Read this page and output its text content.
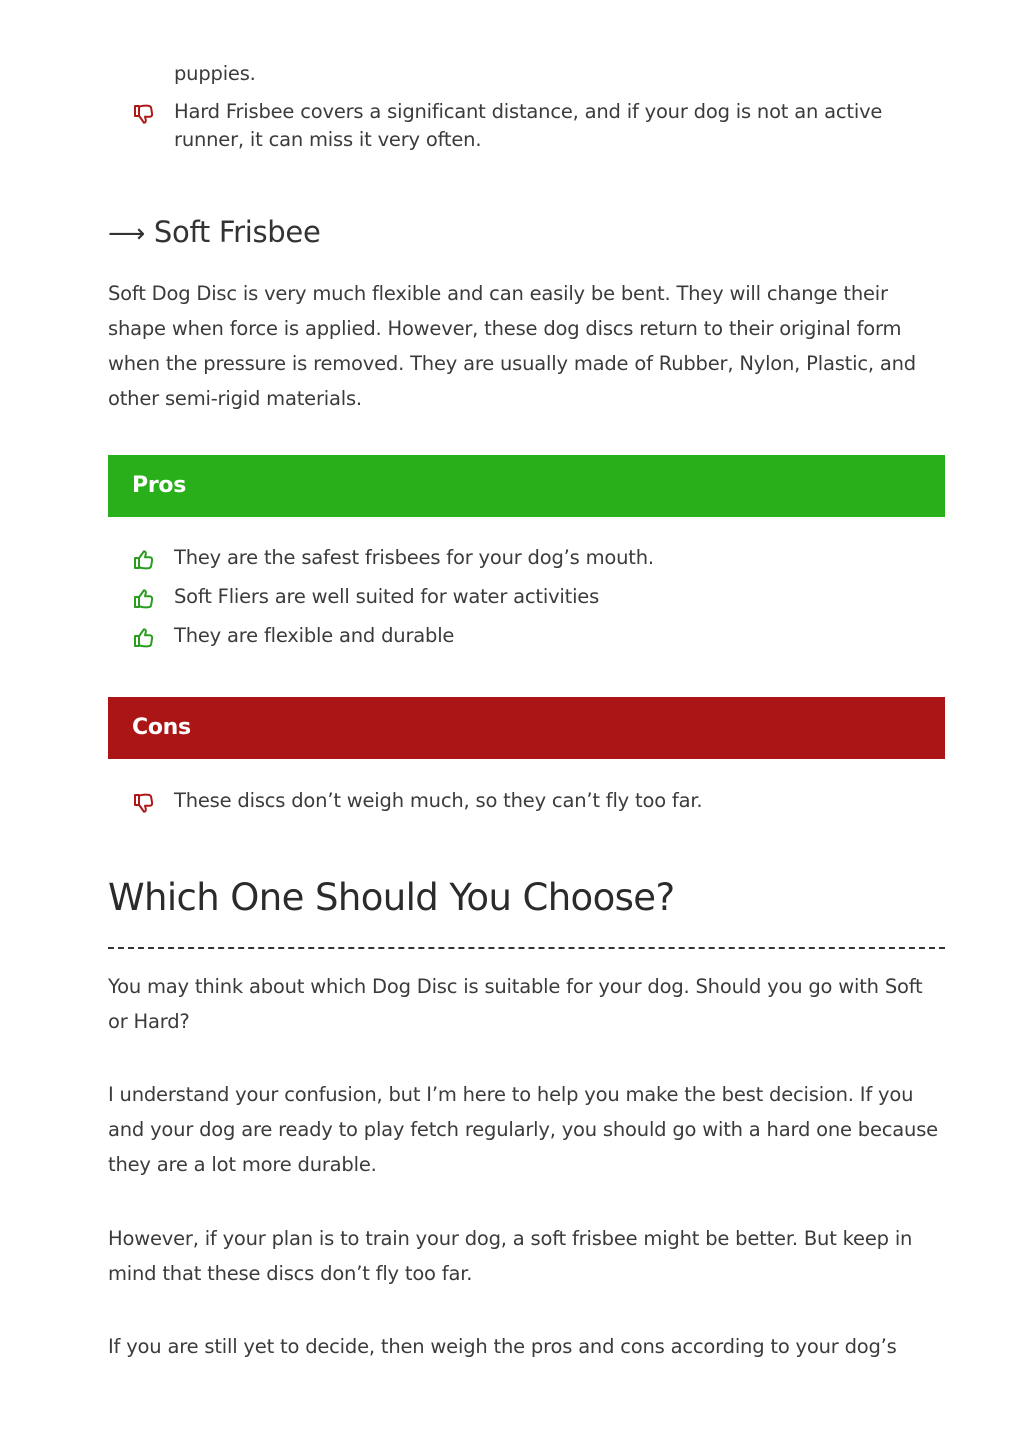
puppies.
Hard Frisbee covers a significant distance, and if your dog is not an active runner, it can miss it very often.
⟶ Soft Frisbee
Soft Dog Disc is very much flexible and can easily be bent. They will change their shape when force is applied. However, these dog discs return to their original form when the pressure is removed. They are usually made of Rubber, Nylon, Plastic, and other semi-rigid materials.
Pros
They are the safest frisbees for your dog’s mouth.
Soft Fliers are well suited for water activities
They are flexible and durable
Cons
These discs don’t weigh much, so they can’t fly too far.
Which One Should You Choose?
You may think about which Dog Disc is suitable for your dog. Should you go with Soft or Hard?
I understand your confusion, but I’m here to help you make the best decision. If you and your dog are ready to play fetch regularly, you should go with a hard one because they are a lot more durable.
However, if your plan is to train your dog, a soft frisbee might be better. But keep in mind that these discs don’t fly too far.
If you are still yet to decide, then weigh the pros and cons according to your dog’s
